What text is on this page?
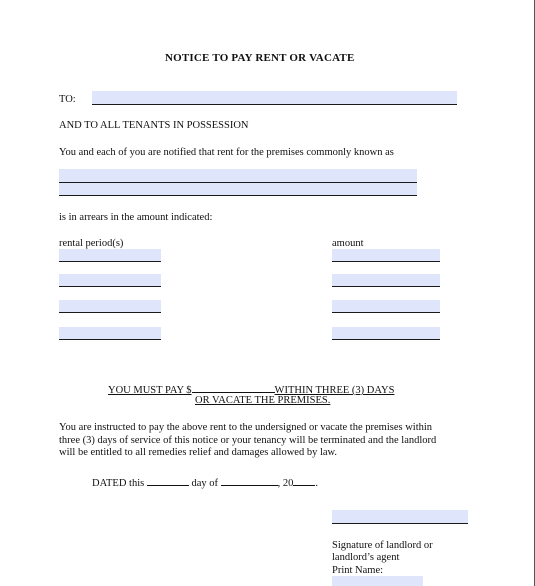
NOTICE TO PAY RENT OR VACATE
TO:
AND TO ALL TENANTS IN POSSESSION
You and each of you are notified that rent for the premises commonly known as
is in arrears in the amount indicated:
rental period(s)	amount
YOU MUST PAY $	WITHIN THREE (3) DAYS
OR VACATE THE PREMISES.
You are instructed to pay the above rent to the undersigned or vacate the premises within
three (3) days of service of this notice or your tenancy will be terminated and the landlord
will be entitled to all remedies relief and damages allowed by law.
DATED this	day of	, 20 .
Signature of landlord or
landlord’s agent
Print Name:
